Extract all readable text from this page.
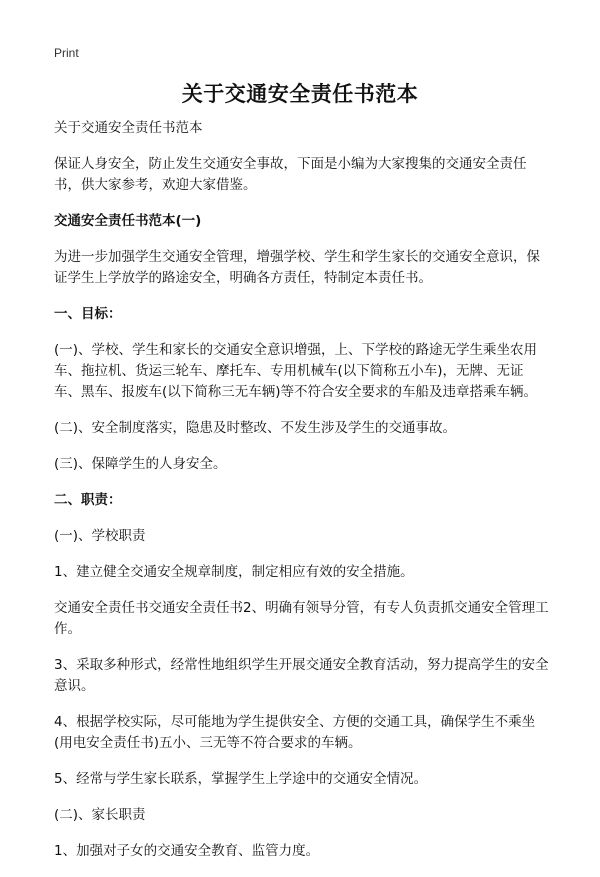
Print
关于交通安全责任书范本

关于交通安全责任书范本

保证人身安全，防止发生交通安全事故，下面是小编为大家搜集的交通安全责任书，供大家参考，欢迎大家借鉴。

交通安全责任书范本(一)

为进一步加强学生交通安全管理，增强学校、学生和学生家长的交通安全意识，保证学生上学放学的路途安全，明确各方责任，特制定本责任书。

一、目标：

(一)、学校、学生和家长的交通安全意识增强，上、下学校的路途无学生乘坐农用车、拖拉机、货运三轮车、摩托车、专用机械车(以下简称五小车)，无牌、无证车、黑车、报废车(以下简称三无车辆)等不符合安全要求的车船及违章搭乘车辆。

(二)、安全制度落实，隐患及时整改、不发生涉及学生的交通事故。

(三)、保障学生的人身安全。

二、职责：

(一)、学校职责

1、建立健全交通安全规章制度，制定相应有效的安全措施。

交通安全责任书交通安全责任书2、明确有领导分管，有专人负责抓交通安全管理工作。

3、采取多种形式，经常性地组织学生开展交通安全教育活动，努力提高学生的安全意识。

4、根据学校实际，尽可能地为学生提供安全、方便的交通工具，确保学生不乘坐(用电安全责任书)五小、三无等不符合要求的车辆。

5、经常与学生家长联系，掌握学生上学途中的交通安全情况。

(二)、家长职责

1、加强对子女的交通安全教育、监管力度。
